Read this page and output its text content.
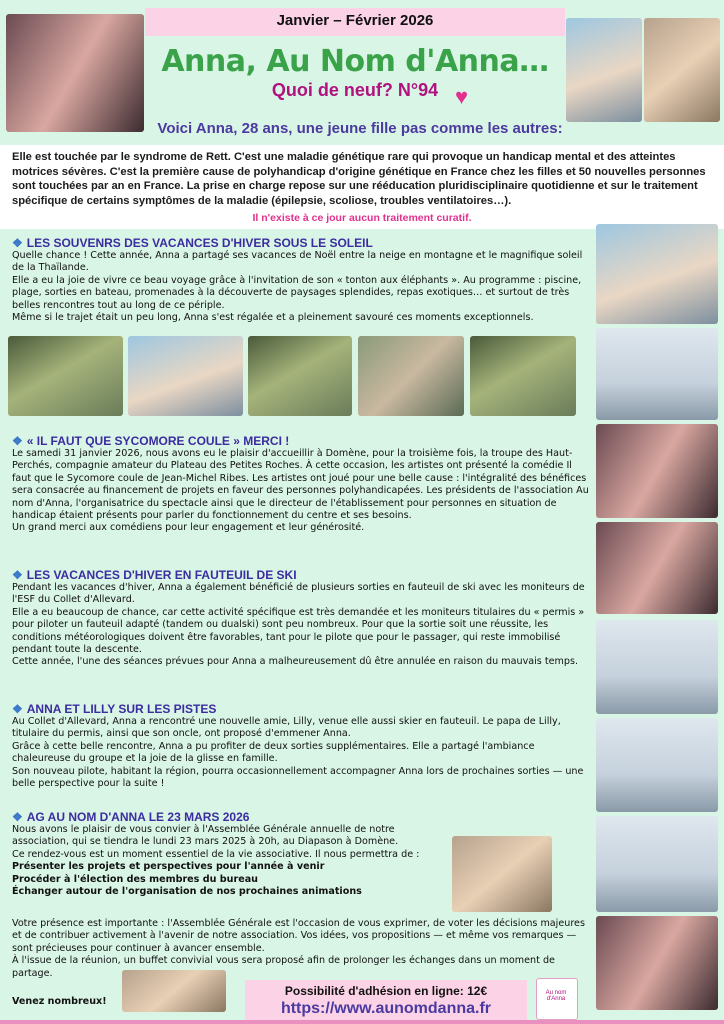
♥
Janvier – Février 2026
Anna, Au Nom d'Anna…
Quoi de neuf? N°94
Voici Anna, 28 ans, une jeune fille pas comme les autres:
Elle est touchée par le syndrome de Rett. C'est une maladie génétique rare qui provoque un handicap mental et des atteintes motrices sévères. C'est la première cause de polyhandicap d'origine génétique en France chez les filles et 50 nouvelles personnes sont touchées par an en France. La prise en charge repose sur une rééducation pluridisciplinaire quotidienne et sur le traitement spécifique de certains symptômes de la maladie (épilepsie, scoliose, troubles ventilatoires…).
Il n'existe à ce jour aucun traitement curatif.
❖ LES SOUVENRS DES VACANCES D'HIVER SOUS LE SOLEIL
Quelle chance ! Cette année, Anna a partagé ses vacances de Noël entre la neige en montagne et le magnifique soleil de la Thaïlande.
Elle a eu la joie de vivre ce beau voyage grâce à l'invitation de son « tonton aux éléphants ». Au programme : piscine, plage, sorties en bateau, promenades à la découverte de paysages splendides, repas exotiques… et surtout de très belles rencontres tout au long de ce périple.
Même si le trajet était un peu long, Anna s'est régalée et a pleinement savouré ces moments exceptionnels.
❖ « IL FAUT QUE SYCOMORE COULE » MERCI !
Le samedi 31 janvier 2026, nous avons eu le plaisir d'accueillir à Domène, pour la troisième fois, la troupe des Haut-Perchés, compagnie amateur du Plateau des Petites Roches. À cette occasion, les artistes ont présenté la comédie Il faut que le Sycomore coule de Jean-Michel Ribes. Les artistes ont joué pour une belle cause : l'intégralité des bénéfices sera consacrée au financement de projets en faveur des personnes polyhandicapées. Les présidents de l'association Au nom d'Anna, l'organisatrice du spectacle ainsi que le directeur de l'établissement pour personnes en situation de handicap étaient présents pour parler du fonctionnement du centre et ses besoins.
Un grand merci aux comédiens pour leur engagement et leur générosité.
❖ LES VACANCES D'HIVER EN FAUTEUIL DE SKI
Pendant les vacances d'hiver, Anna a également bénéficié de plusieurs sorties en fauteuil de ski avec les moniteurs de l'ESF du Collet d'Allevard.
Elle a eu beaucoup de chance, car cette activité spécifique est très demandée et les moniteurs titulaires du « permis » pour piloter un fauteuil adapté (tandem ou dualski) sont peu nombreux. Pour que la sortie soit une réussite, les conditions météorologiques doivent être favorables, tant pour le pilote que pour le passager, qui reste immobilisé pendant toute la descente.
Cette année, l'une des séances prévues pour Anna a malheureusement dû être annulée en raison du mauvais temps.
❖ ANNA ET LILLY SUR LES PISTES
Au Collet d'Allevard, Anna a rencontré une nouvelle amie, Lilly, venue elle aussi skier en fauteuil. Le papa de Lilly, titulaire du permis, ainsi que son oncle, ont proposé d'emmener Anna.
Grâce à cette belle rencontre, Anna a pu profiter de deux sorties supplémentaires. Elle a partagé l'ambiance chaleureuse du groupe et la joie de la glisse en famille.
Son nouveau pilote, habitant la région, pourra occasionnellement accompagner Anna lors de prochaines sorties — une belle perspective pour la suite !
❖ AG AU NOM D'ANNA LE 23 MARS 2026
Nous avons le plaisir de vous convier à l'Assemblée Générale annuelle de notre association, qui se tiendra le lundi 23 mars 2025 à 20h, au Diapason à Domène.
Ce rendez-vous est un moment essentiel de la vie associative. Il nous permettra de :
Présenter les projets et perspectives pour l'année à venir
Procéder à l'élection des membres du bureau
Échanger autour de l'organisation de nos prochaines animations
Votre présence est importante : l'Assemblée Générale est l'occasion de vous exprimer, de voter les décisions majeures et de contribuer activement à l'avenir de notre association. Vos idées, vos propositions — et même vos remarques — sont précieuses pour continuer à avancer ensemble.
À l'issue de la réunion, un buffet convivial vous sera proposé afin de prolonger les échanges dans un moment de partage.
Venez nombreux!
Possibilité d'adhésion en ligne: 12€
https://www.aunomdanna.fr
Au nom d'Anna
